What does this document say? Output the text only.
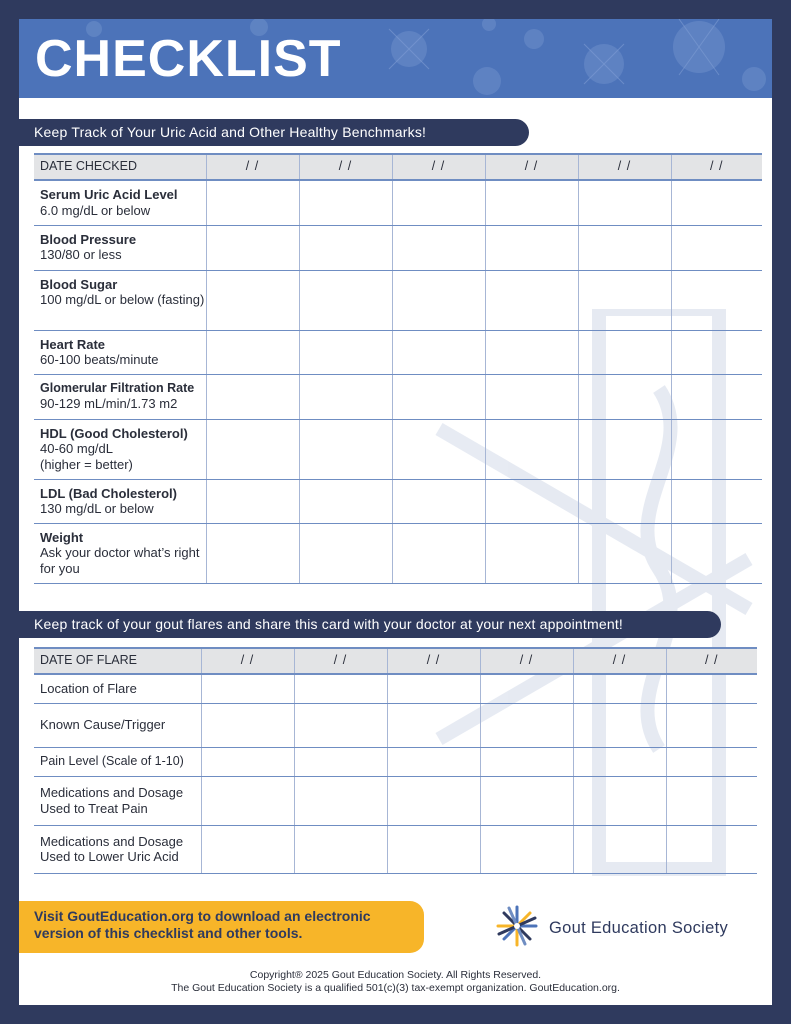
CHECKLIST
Keep Track of Your Uric Acid and Other Healthy Benchmarks!
DATE CHECKED	/ /	/ /	/ /	/ /	/ /	/ /

Serum Uric Acid Level
6.0 mg/dL or below						

Blood Pressure
130/80 or less						

Blood Sugar
100 mg/dL or below (fasting)						

Heart Rate
60-100 beats/minute						

Glomerular Filtration Rate
90-129 mL/min/1.73 m2						

HDL (Good Cholesterol)
40-60 mg/dL (higher = better)						

LDL (Bad Cholesterol)
130 mg/dL or below						

Weight
Ask your doctor what’s right for you						

Keep track of your gout flares and share this card with your doctor at your next appointment!
DATE OF FLARE	/ /	/ /	/ /	/ /	/ /	/ /
Location of Flare						
Known Cause/Trigger						
Pain Level (Scale of 1-10)						
Medications and Dosage Used to Treat Pain						
Medications and Dosage Used to Lower Uric Acid						
Visit GoutEducation.org to download an electronic
version of this checklist and other tools.	Gout Education Society
Copyright® 2025 Gout Education Society. All Rights Reserved.
The Gout Education Society is a qualified 501(c)(3) tax-exempt organization. GoutEducation.org.
